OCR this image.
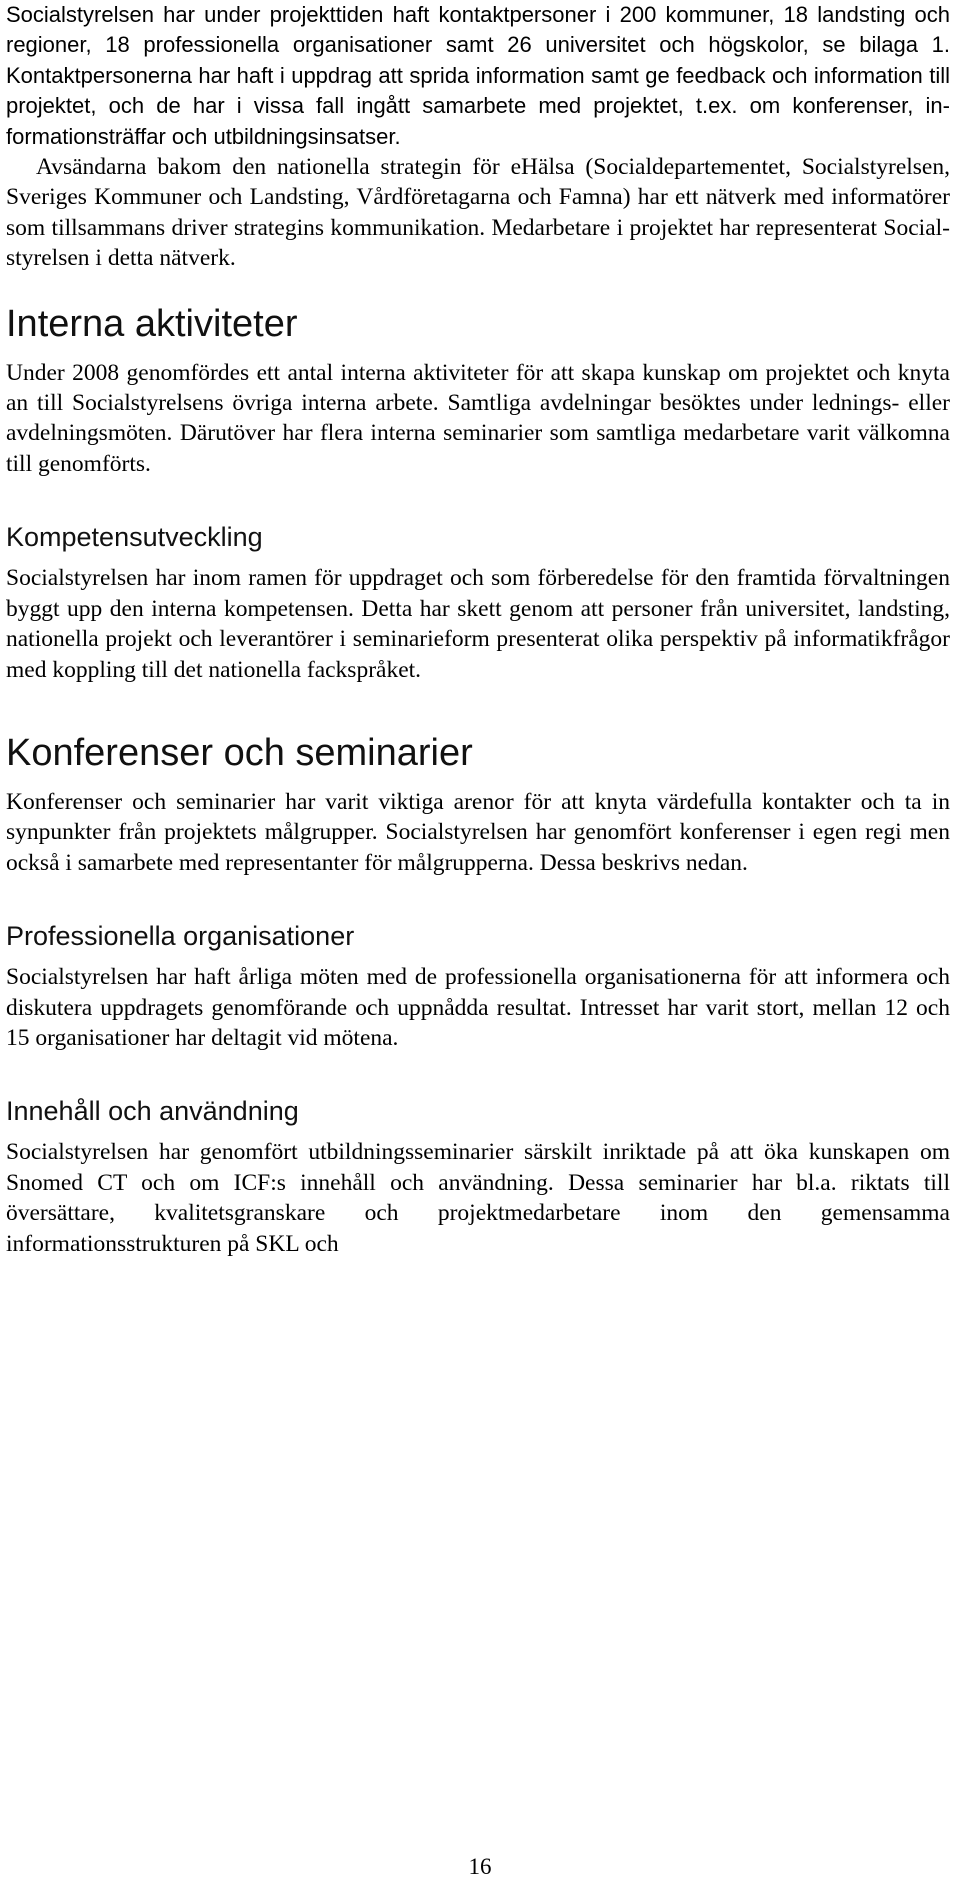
Socialstyrelsen har under projekttiden haft kontaktpersoner i 200 kommuner, 18 landsting och regioner, 18 professionella organisationer samt 26 universitet och högskolor, se bilaga 1. Kontaktpersonerna har haft i uppdrag att sprida information samt ge feedback och information till projektet, och de har i vissa fall ingått samarbete med projektet, t.ex. om konferenser, informationsträffar och utbildningsinsatser.

Avsändarna bakom den nationella strategin för eHälsa (Socialdepartementet, Socialstyrelsen, Sveriges Kommuner och Landsting, Vårdföretagarna och Famna) har ett nätverk med informatörer som tillsammans driver strategins kommunikation. Medarbetare i projektet har representerat Socialstyrelsen i detta nätverk.

Interna aktiviteter

Under 2008 genomfördes ett antal interna aktiviteter för att skapa kunskap om projektet och knyta an till Socialstyrelsens övriga interna arbete. Samtliga avdelningar besöktes under lednings- eller avdelningsmöten. Därutöver har flera interna seminarier som samtliga medarbetare varit välkomna till genomförts.

Kompetensutveckling

Socialstyrelsen har inom ramen för uppdraget och som förberedelse för den framtida förvaltningen byggt upp den interna kompetensen. Detta har skett genom att personer från universitet, landsting, nationella projekt och leverantörer i seminarieform presenterat olika perspektiv på informatikfrågor med koppling till det nationella fackspråket.

Konferenser och seminarier

Konferenser och seminarier har varit viktiga arenor för att knyta värdefulla kontakter och ta in synpunkter från projektets målgrupper. Socialstyrelsen har genomfört konferenser i egen regi men också i samarbete med representanter för målgrupperna. Dessa beskrivs nedan.

Professionella organisationer

Socialstyrelsen har haft årliga möten med de professionella organisationerna för att informera och diskutera uppdragets genomförande och uppnådda resultat. Intresset har varit stort, mellan 12 och 15 organisationer har deltagit vid mötena.

Innehåll och användning

Socialstyrelsen har genomfört utbildningsseminarier särskilt inriktade på att öka kunskapen om Snomed CT och om ICF:s innehåll och användning. Dessa seminarier har bl.a. riktats till översättare, kvalitetsgranskare och projektmedarbetare inom den gemensamma informationsstrukturen på SKL och

16
